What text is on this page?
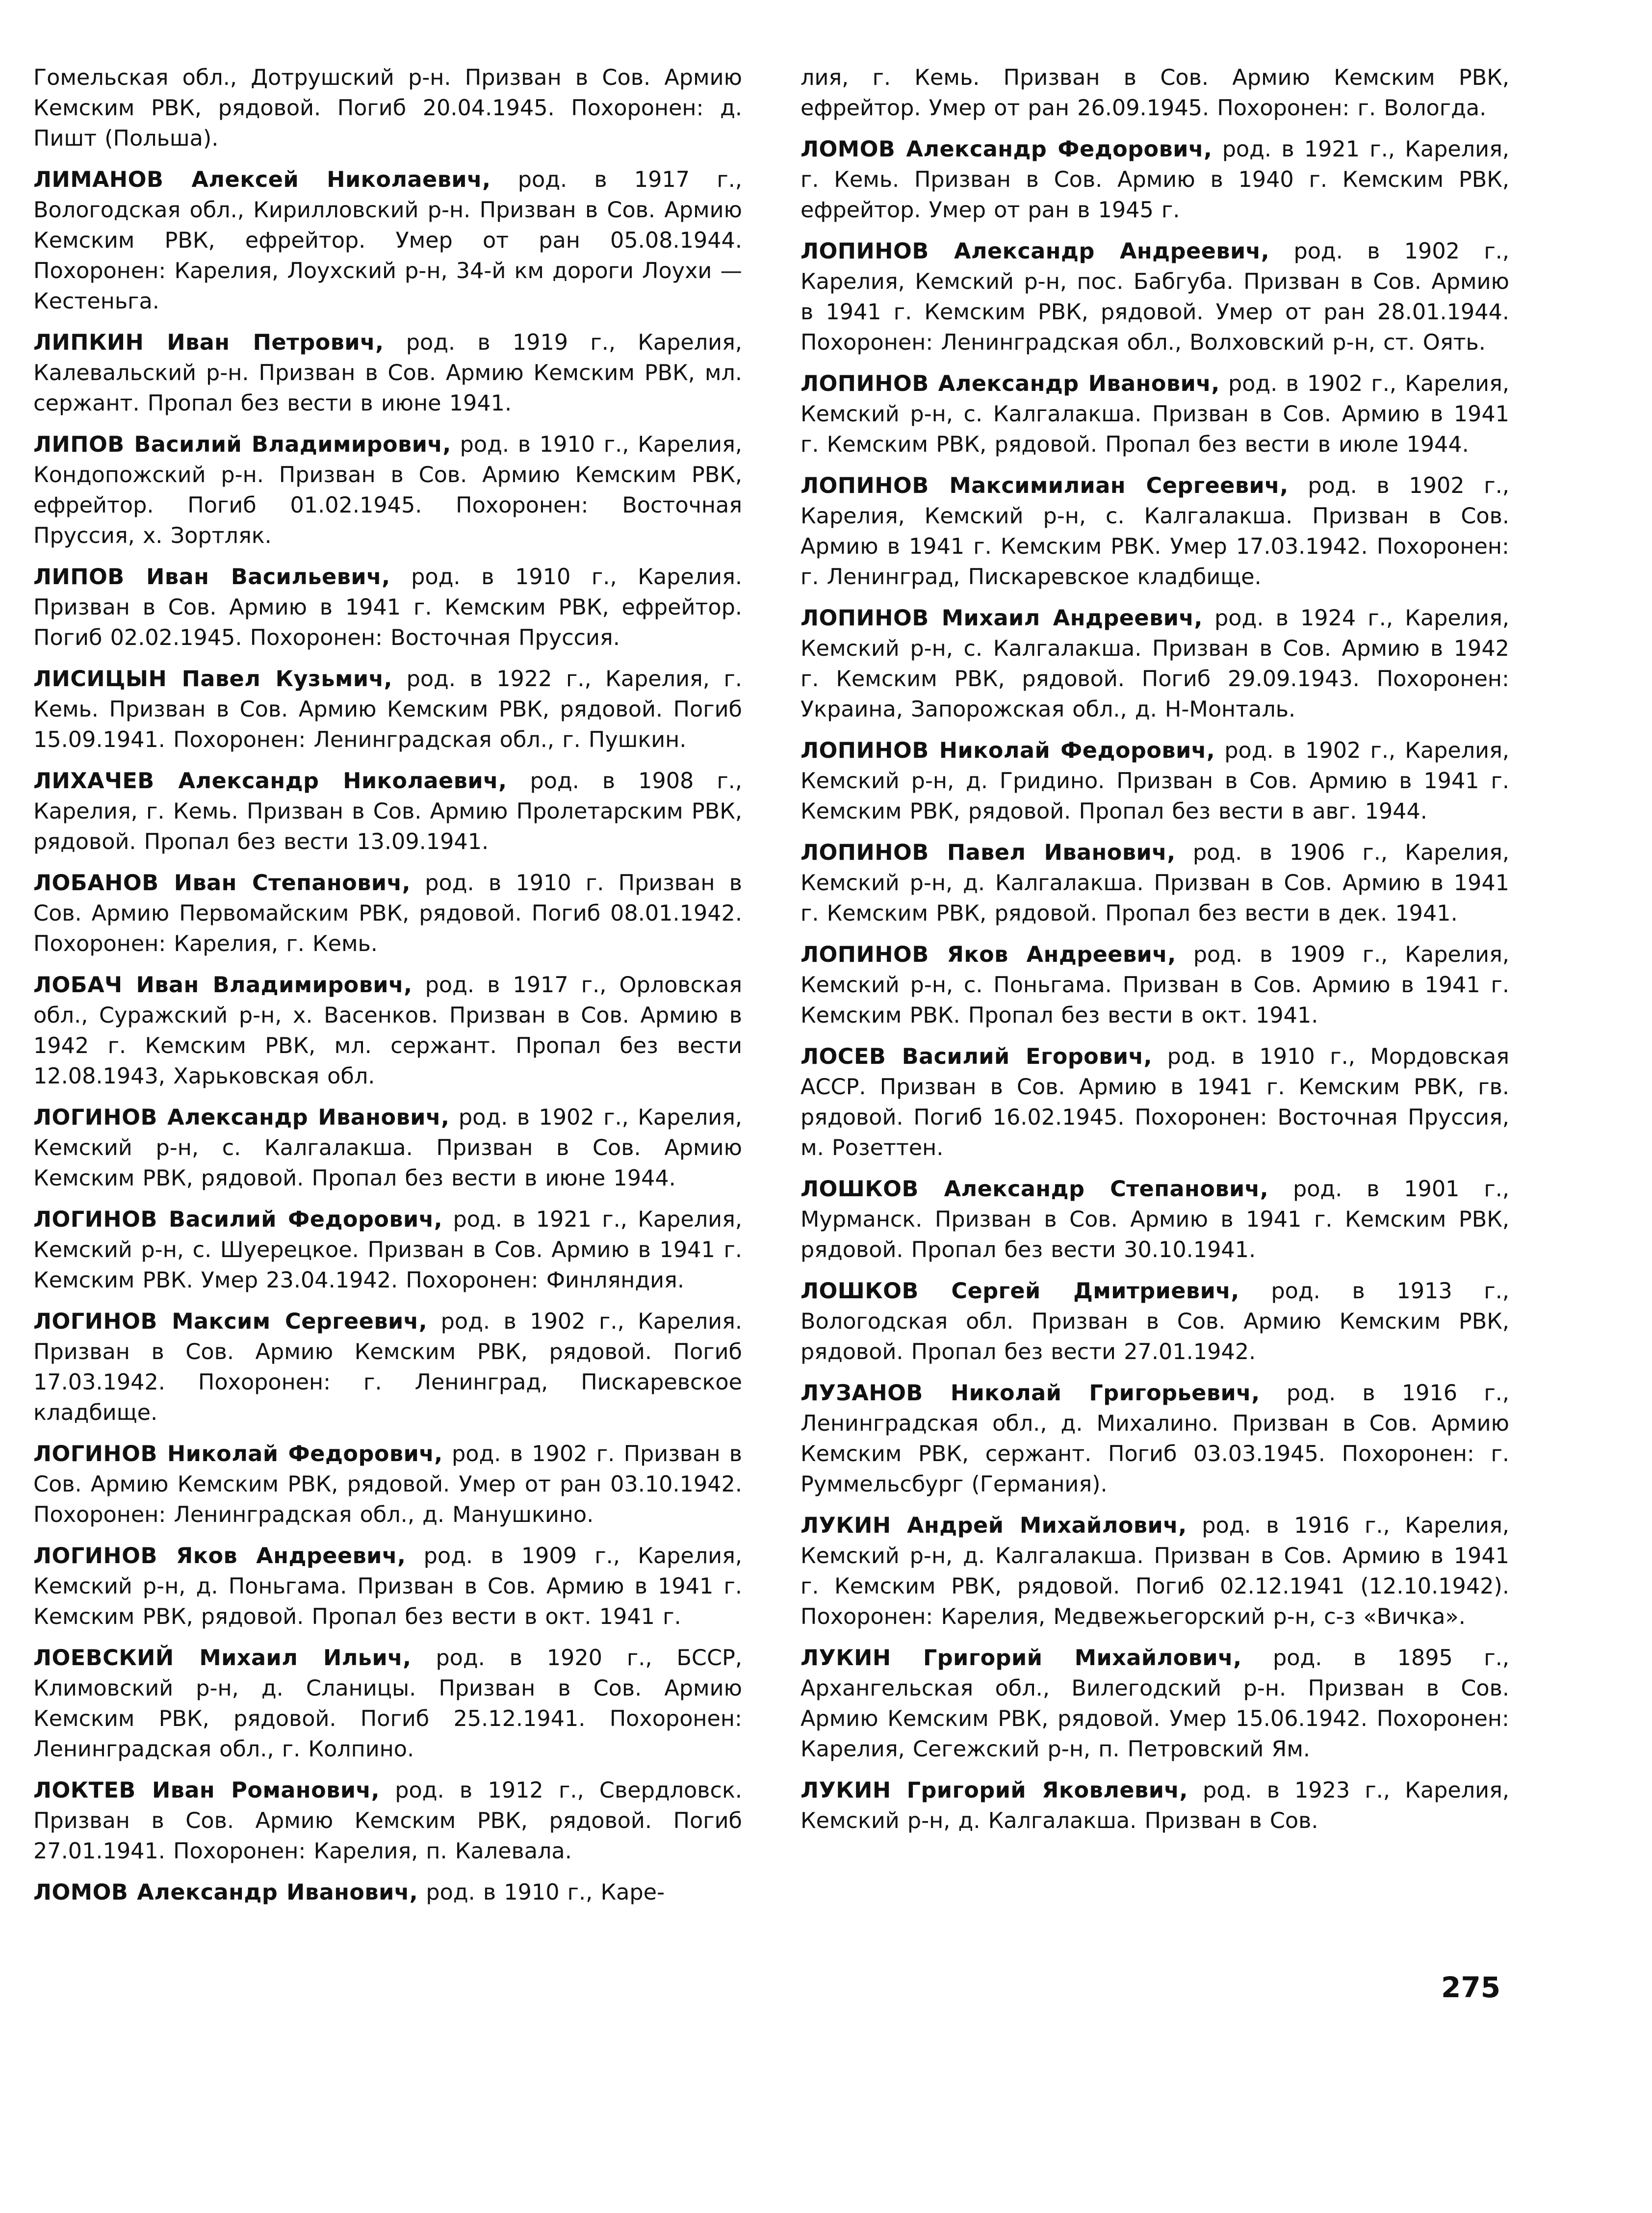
Гомельская обл., Дотрушский р-н. Призван в Сов. Армию Кемским РВК, рядовой. Погиб 20.04.1945. Похоронен: д. Пишт (Польша).

ЛИМАНОВ Алексей Николаевич, род. в 1917 г., Вологодская обл., Кирилловский р-н. Призван в Сов. Армию Кемским РВК, ефрейтор. Умер от ран 05.08.1944. Похоронен: Карелия, Лоухский р-н, 34-й км дороги Лоухи — Кестеньга.

ЛИПКИН Иван Петрович, род. в 1919 г., Карелия, Калевальский р-н. Призван в Сов. Армию Кемским РВК, мл. сержант. Пропал без вести в июне 1941.

ЛИПОВ Василий Владимирович, род. в 1910 г., Карелия, Кондопожский р-н. Призван в Сов. Армию Кемским РВК, ефрейтор. Погиб 01.02.1945. Похоронен: Восточная Пруссия, х. Зортляк.

ЛИПОВ Иван Васильевич, род. в 1910 г., Карелия. Призван в Сов. Армию в 1941 г. Кемским РВК, ефрейтор. Погиб 02.02.1945. Похоронен: Восточная Пруссия.

ЛИСИЦЫН Павел Кузьмич, род. в 1922 г., Карелия, г. Кемь. Призван в Сов. Армию Кемским РВК, рядовой. Погиб 15.09.1941. Похоронен: Ленинградская обл., г. Пушкин.

ЛИХАЧЕВ Александр Николаевич, род. в 1908 г., Карелия, г. Кемь. Призван в Сов. Армию Пролетарским РВК, рядовой. Пропал без вести 13.09.1941.

ЛОБАНОВ Иван Степанович, род. в 1910 г. Призван в Сов. Армию Первомайским РВК, рядовой. Погиб 08.01.1942. Похоронен: Карелия, г. Кемь.

ЛОБАЧ Иван Владимирович, род. в 1917 г., Орловская обл., Суражский р-н, х. Васенков. Призван в Сов. Армию в 1942 г. Кемским РВК, мл. сержант. Пропал без вести 12.08.1943, Харьковская обл.

ЛОГИНОВ Александр Иванович, род. в 1902 г., Карелия, Кемский р-н, с. Калгалакша. Призван в Сов. Армию Кемским РВК, рядовой. Пропал без вести в июне 1944.

ЛОГИНОВ Василий Федорович, род. в 1921 г., Карелия, Кемский р-н, с. Шуерецкое. Призван в Сов. Армию в 1941 г. Кемским РВК. Умер 23.04.1942. Похоронен: Финляндия.

ЛОГИНОВ Максим Сергеевич, род. в 1902 г., Карелия. Призван в Сов. Армию Кемским РВК, рядовой. Погиб 17.03.1942. Похоронен: г. Ленинград, Пискаревское кладбище.

ЛОГИНОВ Николай Федорович, род. в 1902 г. Призван в Сов. Армию Кемским РВК, рядовой. Умер от ран 03.10.1942. Похоронен: Ленинградская обл., д. Манушкино.

ЛОГИНОВ Яков Андреевич, род. в 1909 г., Карелия, Кемский р-н, д. Поньгама. Призван в Сов. Армию в 1941 г. Кемским РВК, рядовой. Пропал без вести в окт. 1941 г.

ЛОЕВСКИЙ Михаил Ильич, род. в 1920 г., БССР, Климовский р-н, д. Сланицы. Призван в Сов. Армию Кемским РВК, рядовой. Погиб 25.12.1941. Похоронен: Ленинградская обл., г. Колпино.

ЛОКТЕВ Иван Романович, род. в 1912 г., Свердловск. Призван в Сов. Армию Кемским РВК, рядовой. Погиб 27.01.1941. Похоронен: Карелия, п. Калевала.

ЛОМОВ Александр Иванович, род. в 1910 г., Каре-

лия, г. Кемь. Призван в Сов. Армию Кемским РВК, ефрейтор. Умер от ран 26.09.1945. Похоронен: г. Вологда.

ЛОМОВ Александр Федорович, род. в 1921 г., Карелия, г. Кемь. Призван в Сов. Армию в 1940 г. Кемским РВК, ефрейтор. Умер от ран в 1945 г.

ЛОПИНОВ Александр Андреевич, род. в 1902 г., Карелия, Кемский р-н, пос. Бабгуба. Призван в Сов. Армию в 1941 г. Кемским РВК, рядовой. Умер от ран 28.01.1944. Похоронен: Ленинградская обл., Волховский р-н, ст. Оять.

ЛОПИНОВ Александр Иванович, род. в 1902 г., Карелия, Кемский р-н, с. Калгалакша. Призван в Сов. Армию в 1941 г. Кемским РВК, рядовой. Пропал без вести в июле 1944.

ЛОПИНОВ Максимилиан Сергеевич, род. в 1902 г., Карелия, Кемский р-н, с. Калгалакша. Призван в Сов. Армию в 1941 г. Кемским РВК. Умер 17.03.1942. Похоронен: г. Ленинград, Пискаревское кладбище.

ЛОПИНОВ Михаил Андреевич, род. в 1924 г., Карелия, Кемский р-н, с. Калгалакша. Призван в Сов. Армию в 1942 г. Кемским РВК, рядовой. Погиб 29.09.1943. Похоронен: Украина, Запорожская обл., д. Н-Монталь.

ЛОПИНОВ Николай Федорович, род. в 1902 г., Карелия, Кемский р-н, д. Гридино. Призван в Сов. Армию в 1941 г. Кемским РВК, рядовой. Пропал без вести в авг. 1944.

ЛОПИНОВ Павел Иванович, род. в 1906 г., Карелия, Кемский р-н, д. Калгалакша. Призван в Сов. Армию в 1941 г. Кемским РВК, рядовой. Пропал без вести в дек. 1941.

ЛОПИНОВ Яков Андреевич, род. в 1909 г., Карелия, Кемский р-н, с. Поньгама. Призван в Сов. Армию в 1941 г. Кемским РВК. Пропал без вести в окт. 1941.

ЛОСЕВ Василий Егорович, род. в 1910 г., Мордовская АССР. Призван в Сов. Армию в 1941 г. Кемским РВК, гв. рядовой. Погиб 16.02.1945. Похоронен: Восточная Пруссия, м. Розеттен.

ЛОШКОВ Александр Степанович, род. в 1901 г., Мурманск. Призван в Сов. Армию в 1941 г. Кемским РВК, рядовой. Пропал без вести 30.10.1941.

ЛОШКОВ Сергей Дмитриевич, род. в 1913 г., Вологодская обл. Призван в Сов. Армию Кемским РВК, рядовой. Пропал без вести 27.01.1942.

ЛУЗАНОВ Николай Григорьевич, род. в 1916 г., Ленинградская обл., д. Михалино. Призван в Сов. Армию Кемским РВК, сержант. Погиб 03.03.1945. Похоронен: г. Руммельсбург (Германия).

ЛУКИН Андрей Михайлович, род. в 1916 г., Карелия, Кемский р-н, д. Калгалакша. Призван в Сов. Армию в 1941 г. Кемским РВК, рядовой. Погиб 02.12.1941 (12.10.1942). Похоронен: Карелия, Медвежьегорский р-н, с-з «Вичка».

ЛУКИН Григорий Михайлович, род. в 1895 г., Архангельская обл., Вилегодский р-н. Призван в Сов. Армию Кемским РВК, рядовой. Умер 15.06.1942. Похоронен: Карелия, Сегежский р-н, п. Петровский Ям.

ЛУКИН Григорий Яковлевич, род. в 1923 г., Карелия, Кемский р-н, д. Калгалакша. Призван в Сов.

275
